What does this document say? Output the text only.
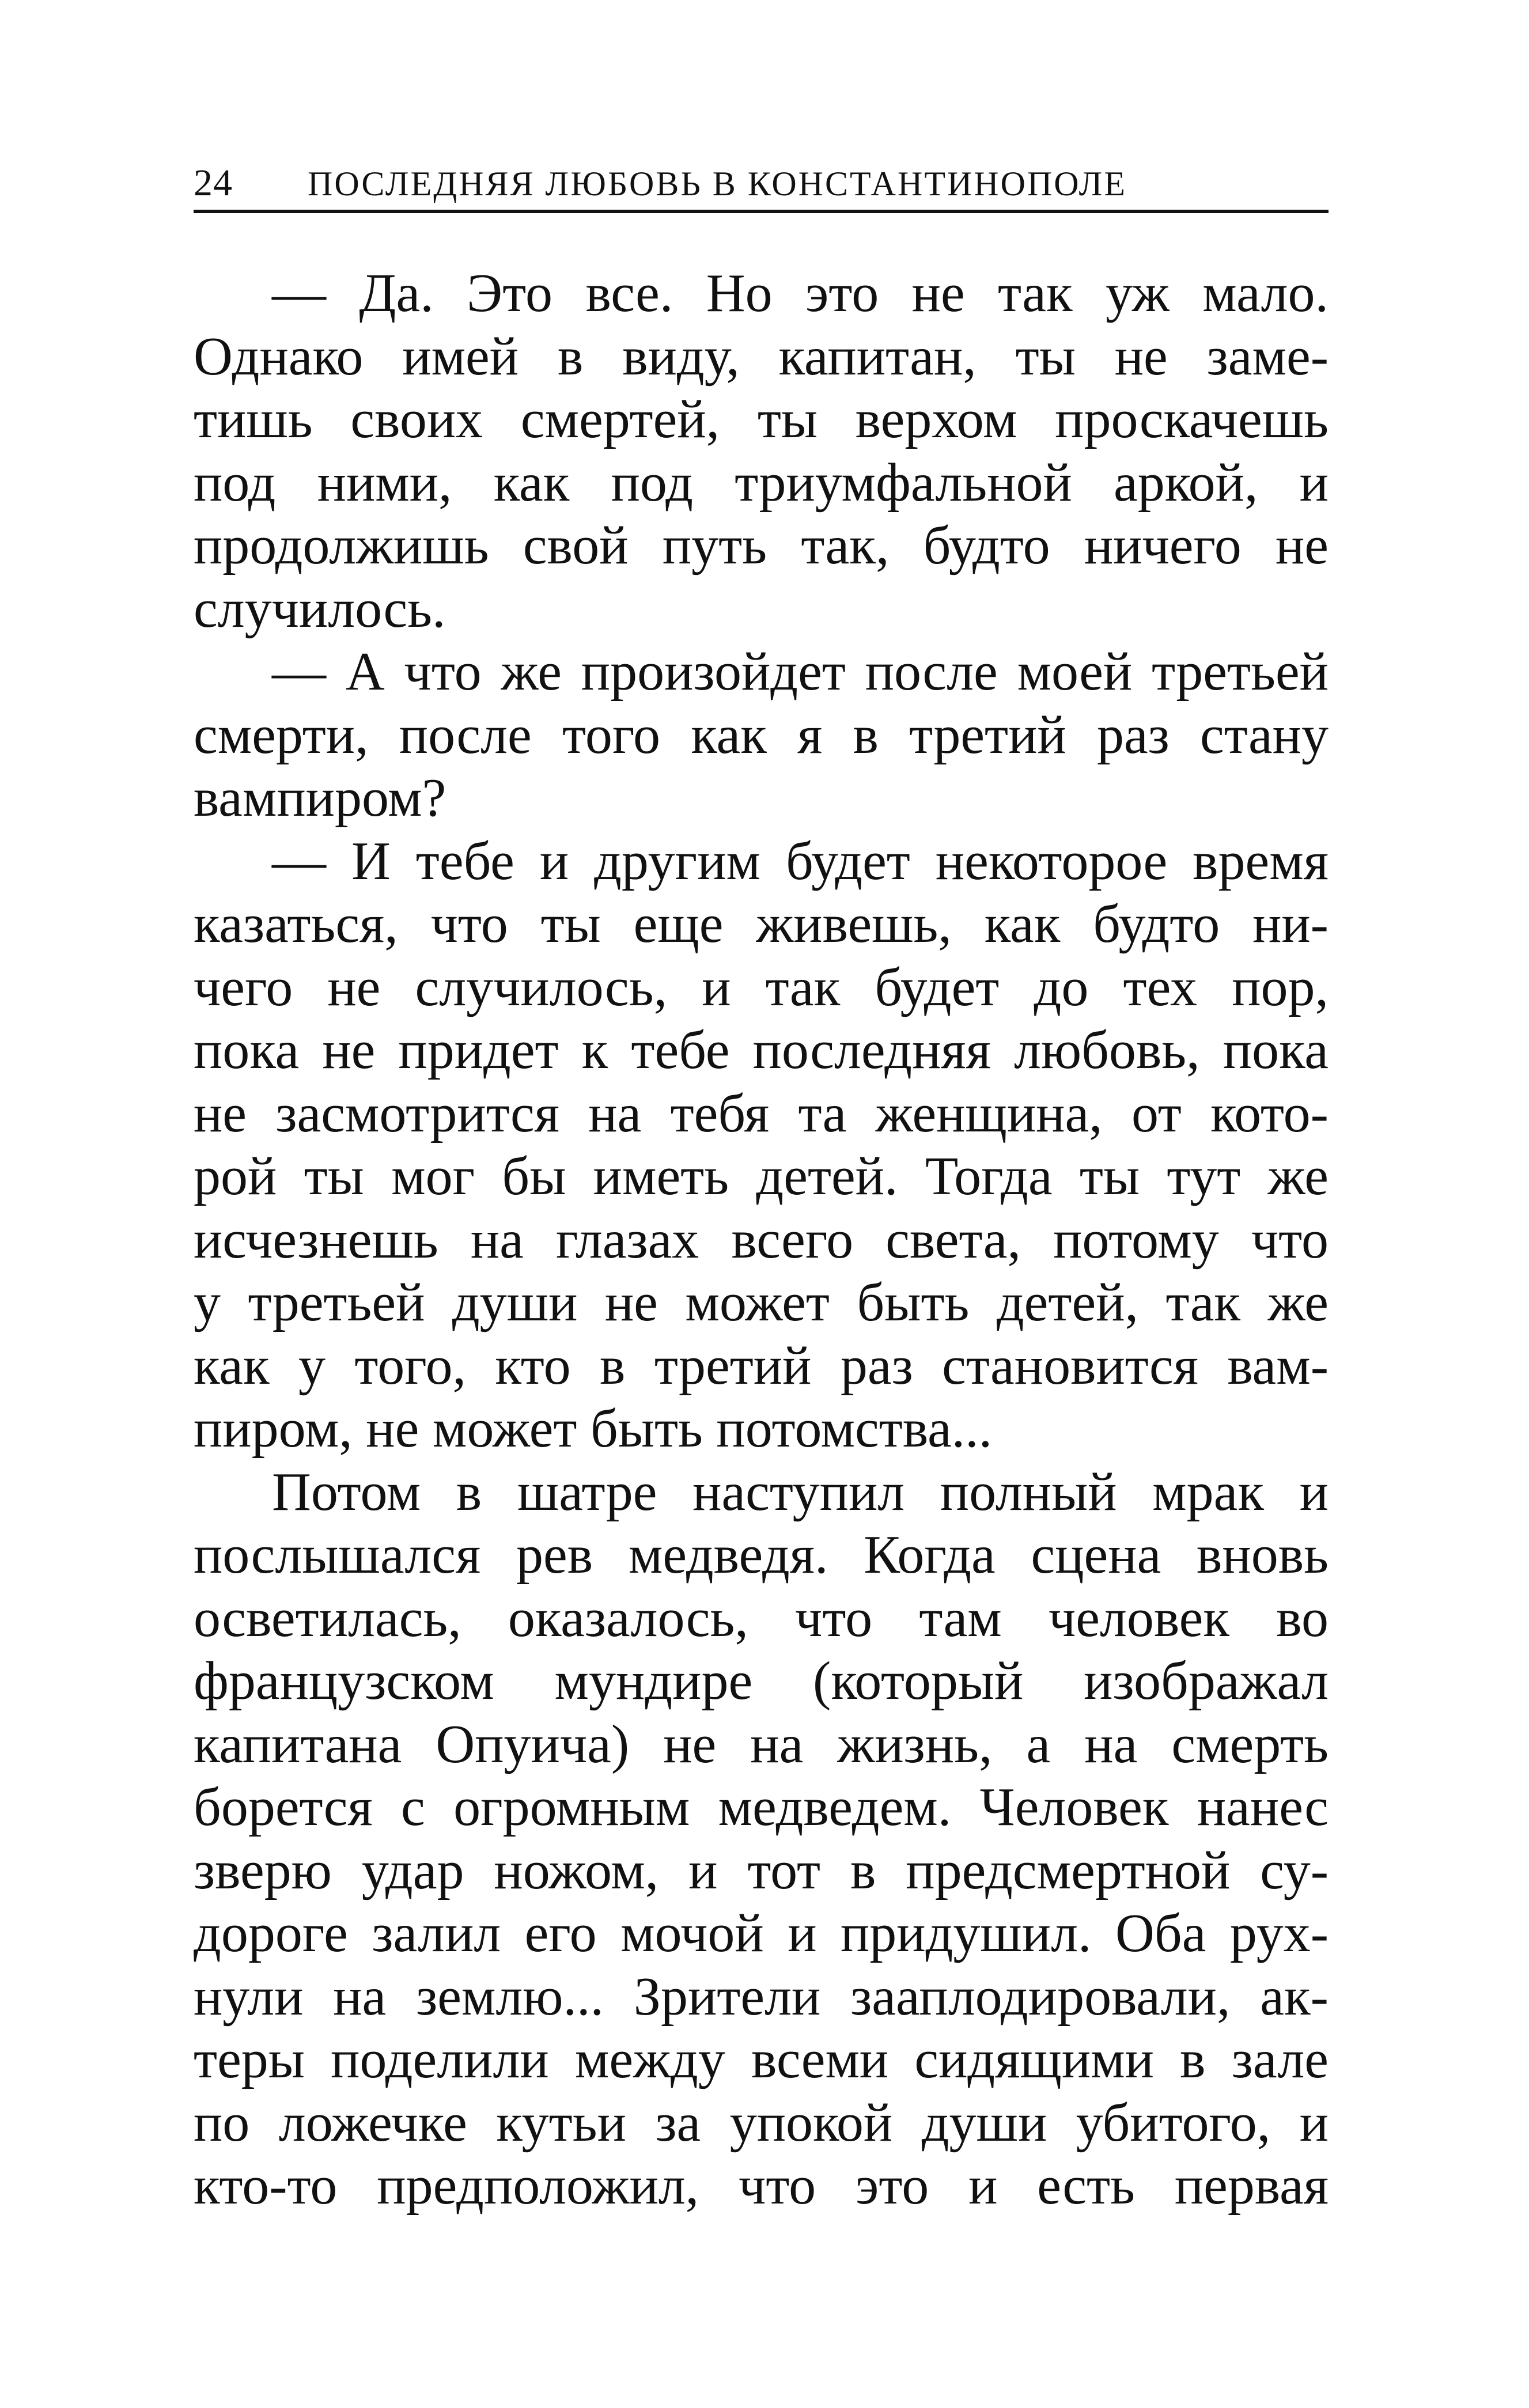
24 ПОСЛЕДНЯЯ ЛЮБОВЬ В КОНСТАНТИНОПОЛЕ
— Да. Это все. Но это не так уж мало.
Однако имей в виду, капитан, ты не заме-
тишь своих смертей, ты верхом проскачешь
под ними, как под триумфальной аркой, и
продолжишь свой путь так, будто ничего не
случилось.
— А что же произойдет после моей третьей
смерти, после того как я в третий раз стану
вампиром?
— И тебе и другим будет некоторое время
казаться, что ты еще живешь, как будто ни-
чего не случилось, и так будет до тех пор,
пока не придет к тебе последняя любовь, пока
не засмотрится на тебя та женщина, от кото-
рой ты мог бы иметь детей. Тогда ты тут же
исчезнешь на глазах всего света, потому что
у третьей души не может быть детей, так же
как у того, кто в третий раз становится вам-
пиром, не может быть потомства...
Потом в шатре наступил полный мрак и
послышался рев медведя. Когда сцена вновь
осветилась, оказалось, что там человек во
французском мундире (который изображал
капитана Опуича) не на жизнь, а на смерть
борется с огромным медведем. Человек нанес
зверю удар ножом, и тот в предсмертной су-
дороге залил его мочой и придушил. Оба рух-
нули на землю... Зрители зааплодировали, ак-
теры поделили между всеми сидящими в зале
по ложечке кутьи за упокой души убитого, и
кто-то предположил, что это и есть первая
